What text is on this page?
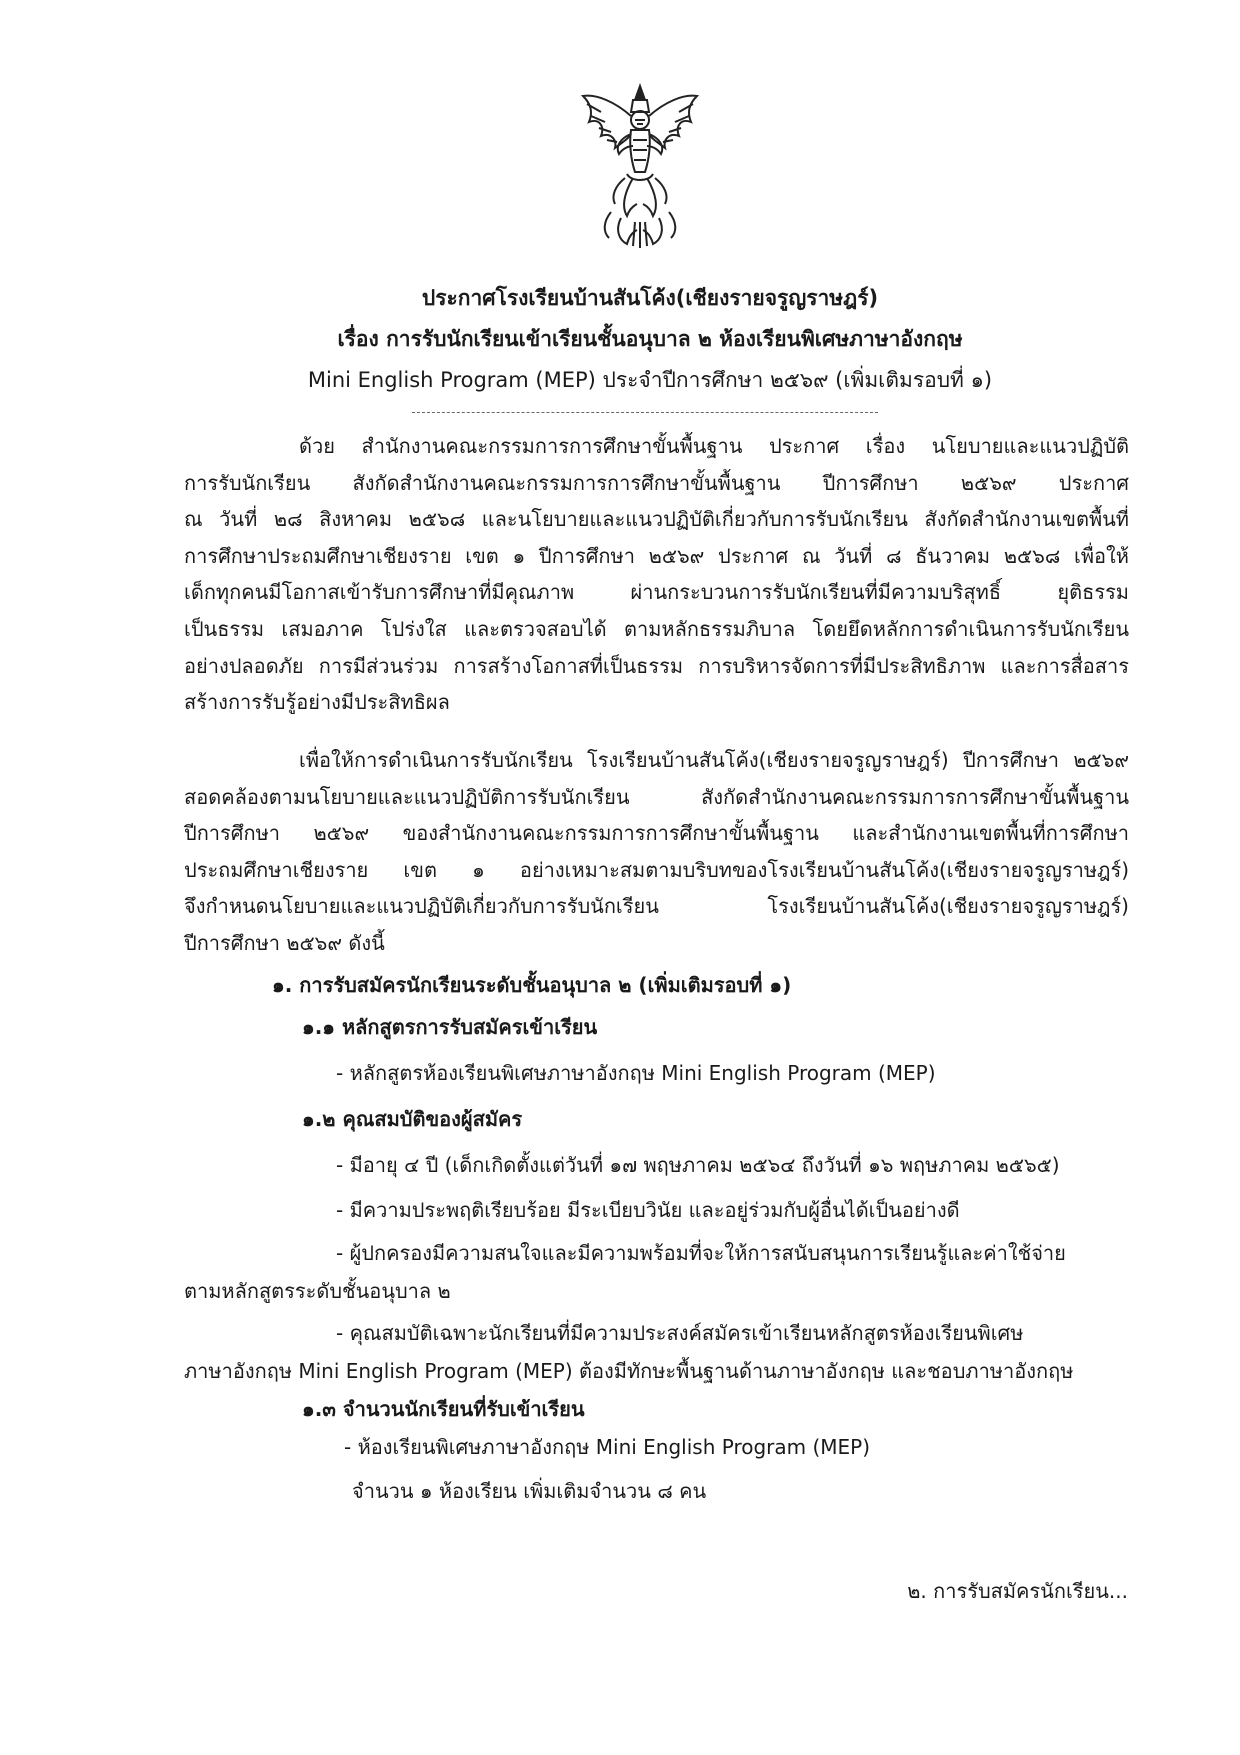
ประกาศโรงเรียนบ้านสันโค้ง(เชียงรายจรูญราษฎร์)
เรื่อง การรับนักเรียนเข้าเรียนชั้นอนุบาล ๒ ห้องเรียนพิเศษภาษาอังกฤษ
Mini English Program (MEP) ประจำปีการศึกษา ๒๕๖๙ (เพิ่มเติมรอบที่ ๑)
ด้วย สำนักงานคณะกรรมการการศึกษาขั้นพื้นฐาน ประกาศ เรื่อง นโยบายและแนวปฏิบัติ
การรับนักเรียน สังกัดสำนักงานคณะกรรมการการศึกษาขั้นพื้นฐาน ปีการศึกษา ๒๕๖๙ ประกาศ
ณ วันที่ ๒๘ สิงหาคม ๒๕๖๘ และนโยบายและแนวปฏิบัติเกี่ยวกับการรับนักเรียน สังกัดสำนักงานเขตพื้นที่
การศึกษาประถมศึกษาเชียงราย เขต ๑ ปีการศึกษา ๒๕๖๙ ประกาศ ณ วันที่ ๘ ธันวาคม ๒๕๖๘ เพื่อให้
เด็กทุกคนมีโอกาสเข้ารับการศึกษาที่มีคุณภาพ ผ่านกระบวนการรับนักเรียนที่มีความบริสุทธิ์ ยุติธรรม
เป็นธรรม เสมอภาค โปร่งใส และตรวจสอบได้ ตามหลักธรรมภิบาล โดยยึดหลักการดำเนินการรับนักเรียน
อย่างปลอดภัย การมีส่วนร่วม การสร้างโอกาสที่เป็นธรรม การบริหารจัดการที่มีประสิทธิภาพ และการสื่อสาร
สร้างการรับรู้อย่างมีประสิทธิผล
เพื่อให้การดำเนินการรับนักเรียน โรงเรียนบ้านสันโค้ง(เชียงรายจรูญราษฎร์) ปีการศึกษา ๒๕๖๙
สอดคล้องตามนโยบายและแนวปฏิบัติการรับนักเรียน สังกัดสำนักงานคณะกรรมการการศึกษาขั้นพื้นฐาน
ปีการศึกษา ๒๕๖๙ ของสำนักงานคณะกรรมการการศึกษาขั้นพื้นฐาน และสำนักงานเขตพื้นที่การศึกษา
ประถมศึกษาเชียงราย เขต ๑ อย่างเหมาะสมตามบริบทของโรงเรียนบ้านสันโค้ง(เชียงรายจรูญราษฎร์)
จึงกำหนดนโยบายและแนวปฏิบัติเกี่ยวกับการรับนักเรียน โรงเรียนบ้านสันโค้ง(เชียงรายจรูญราษฎร์)
ปีการศึกษา ๒๕๖๙ ดังนี้
๑. การรับสมัครนักเรียนระดับชั้นอนุบาล ๒ (เพิ่มเติมรอบที่ ๑)
๑.๑ หลักสูตรการรับสมัครเข้าเรียน
- หลักสูตรห้องเรียนพิเศษภาษาอังกฤษ Mini English Program (MEP)
๑.๒ คุณสมบัติของผู้สมัคร
- มีอายุ ๔ ปี (เด็กเกิดตั้งแต่วันที่ ๑๗ พฤษภาคม ๒๕๖๔ ถึงวันที่ ๑๖ พฤษภาคม ๒๕๖๕)
- มีความประพฤติเรียบร้อย มีระเบียบวินัย และอยู่ร่วมกับผู้อื่นได้เป็นอย่างดี
- ผู้ปกครองมีความสนใจและมีความพร้อมที่จะให้การสนับสนุนการเรียนรู้และค่าใช้จ่าย
ตามหลักสูตรระดับชั้นอนุบาล ๒
- คุณสมบัติเฉพาะนักเรียนที่มีความประสงค์สมัครเข้าเรียนหลักสูตรห้องเรียนพิเศษ
ภาษาอังกฤษ Mini English Program (MEP) ต้องมีทักษะพื้นฐานด้านภาษาอังกฤษ และชอบภาษาอังกฤษ
๑.๓ จำนวนนักเรียนที่รับเข้าเรียน
- ห้องเรียนพิเศษภาษาอังกฤษ Mini English Program (MEP)
จำนวน ๑ ห้องเรียน เพิ่มเติมจำนวน ๘ คน
๒. การรับสมัครนักเรียน...
